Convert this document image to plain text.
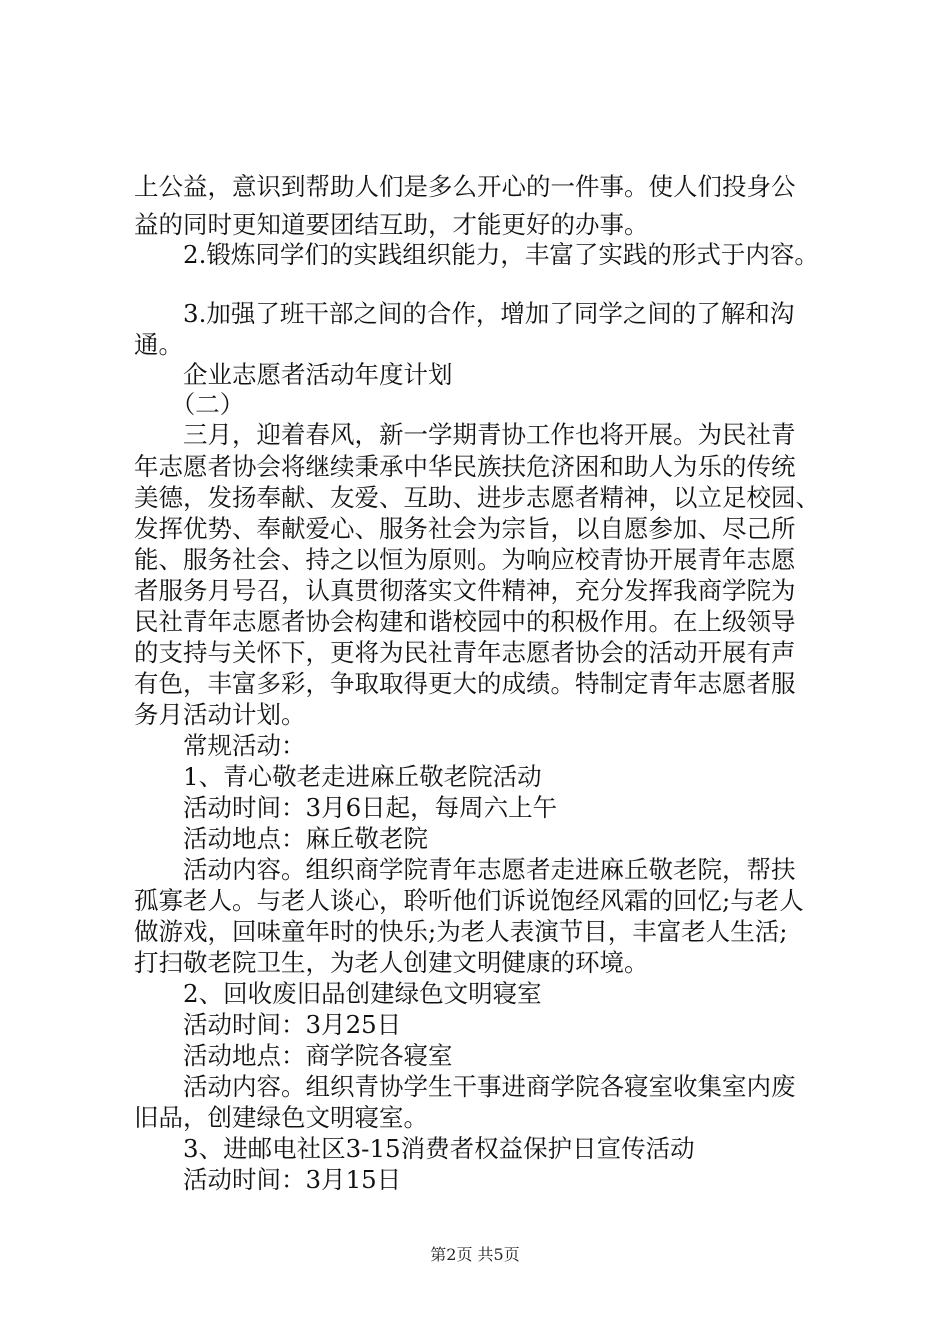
上公益，意识到帮助人们是多么开心的一件事。使人们投身公
益的同时更知道要团结互助，才能更好的办事。
　　2.锻炼同学们的实践组织能力，丰富了实践的形式于内容。
　　3.加强了班干部之间的合作，增加了同学之间的了解和沟
通。
　　企业志愿者活动年度计划
　　（二）
　　三月，迎着春风，新一学期青协工作也将开展。为民社青
年志愿者协会将继续秉承中华民族扶危济困和助人为乐的传统
美德，发扬奉献、友爱、互助、进步志愿者精神，以立足校园、
发挥优势、奉献爱心、服务社会为宗旨，以自愿参加、尽己所
能、服务社会、持之以恒为原则。为响应校青协开展青年志愿
者服务月号召，认真贯彻落实文件精神，充分发挥我商学院为
民社青年志愿者协会构建和谐校园中的积极作用。在上级领导
的支持与关怀下，更将为民社青年志愿者协会的活动开展有声
有色，丰富多彩，争取取得更大的成绩。特制定青年志愿者服
务月活动计划。
　　常规活动：
　　1、青心敬老走进麻丘敬老院活动
　　活动时间：3月6日起，每周六上午
　　活动地点：麻丘敬老院
　　活动内容。组织商学院青年志愿者走进麻丘敬老院，帮扶
孤寡老人。与老人谈心，聆听他们诉说饱经风霜的回忆;与老人
做游戏，回味童年时的快乐;为老人表演节目，丰富老人生活;
打扫敬老院卫生，为老人创建文明健康的环境。
　　2、回收废旧品创建绿色文明寝室
　　活动时间：3月25日
　　活动地点：商学院各寝室
　　活动内容。组织青协学生干事进商学院各寝室收集室内废
旧品，创建绿色文明寝室。
　　3、进邮电社区3-15消费者权益保护日宣传活动
　　活动时间：3月15日
第2页 共5页
